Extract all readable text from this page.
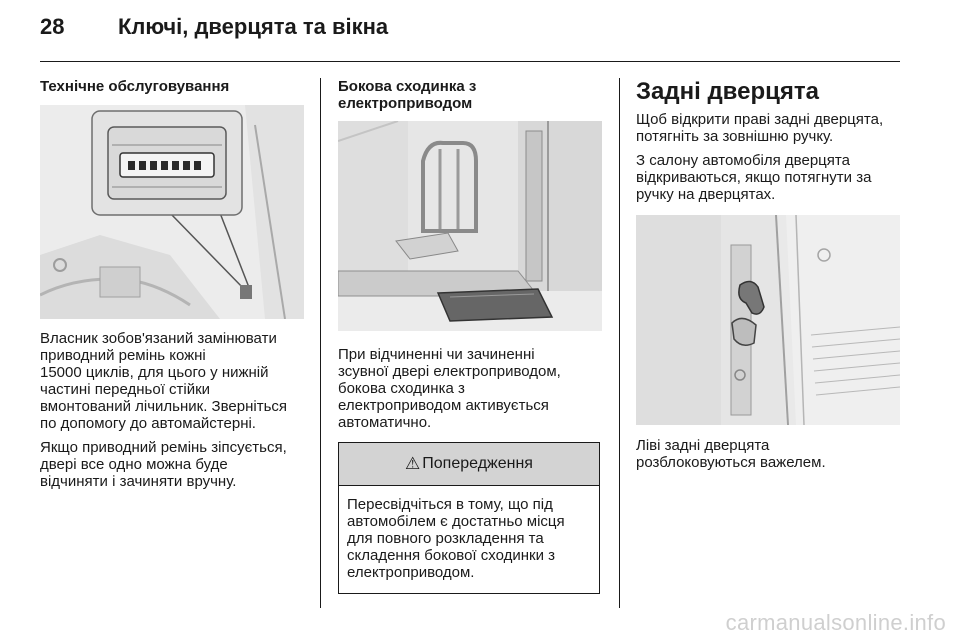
28 Ключі, дверцята та вікна

Технічне обслуговування

Власник зобов'язаний замінювати
приводний ремінь кожні
15000 циклів, для цього у нижній
частині передньої стійки
вмонтований лічильник. Зверніться
по допомогу до автомайстерні.

Якщо приводний ремінь зіпсується,
двері все одно можна буде
відчиняти і зачиняти вручну.

Бокова сходинка з електроприводом

При відчиненні чи зачиненні
зсувної дверi електроприводом,
бокова сходинка з
електроприводом активується
автоматично.

⚠ Попередження
Пересвідчіться в тому, що під
автомобілем є достатньо місця
для повного розкладення та
складення бокової сходинки з
електроприводом.

Задні дверцята

Щоб відкрити праві задні дверцята,
потягніть за зовнішню ручку.

З салону автомобіля дверцята
відкриваються, якщо потягнути за
ручку на дверцятах.

Ліві задні дверцята
розблоковуються важелем.

carmanualsonline.info
